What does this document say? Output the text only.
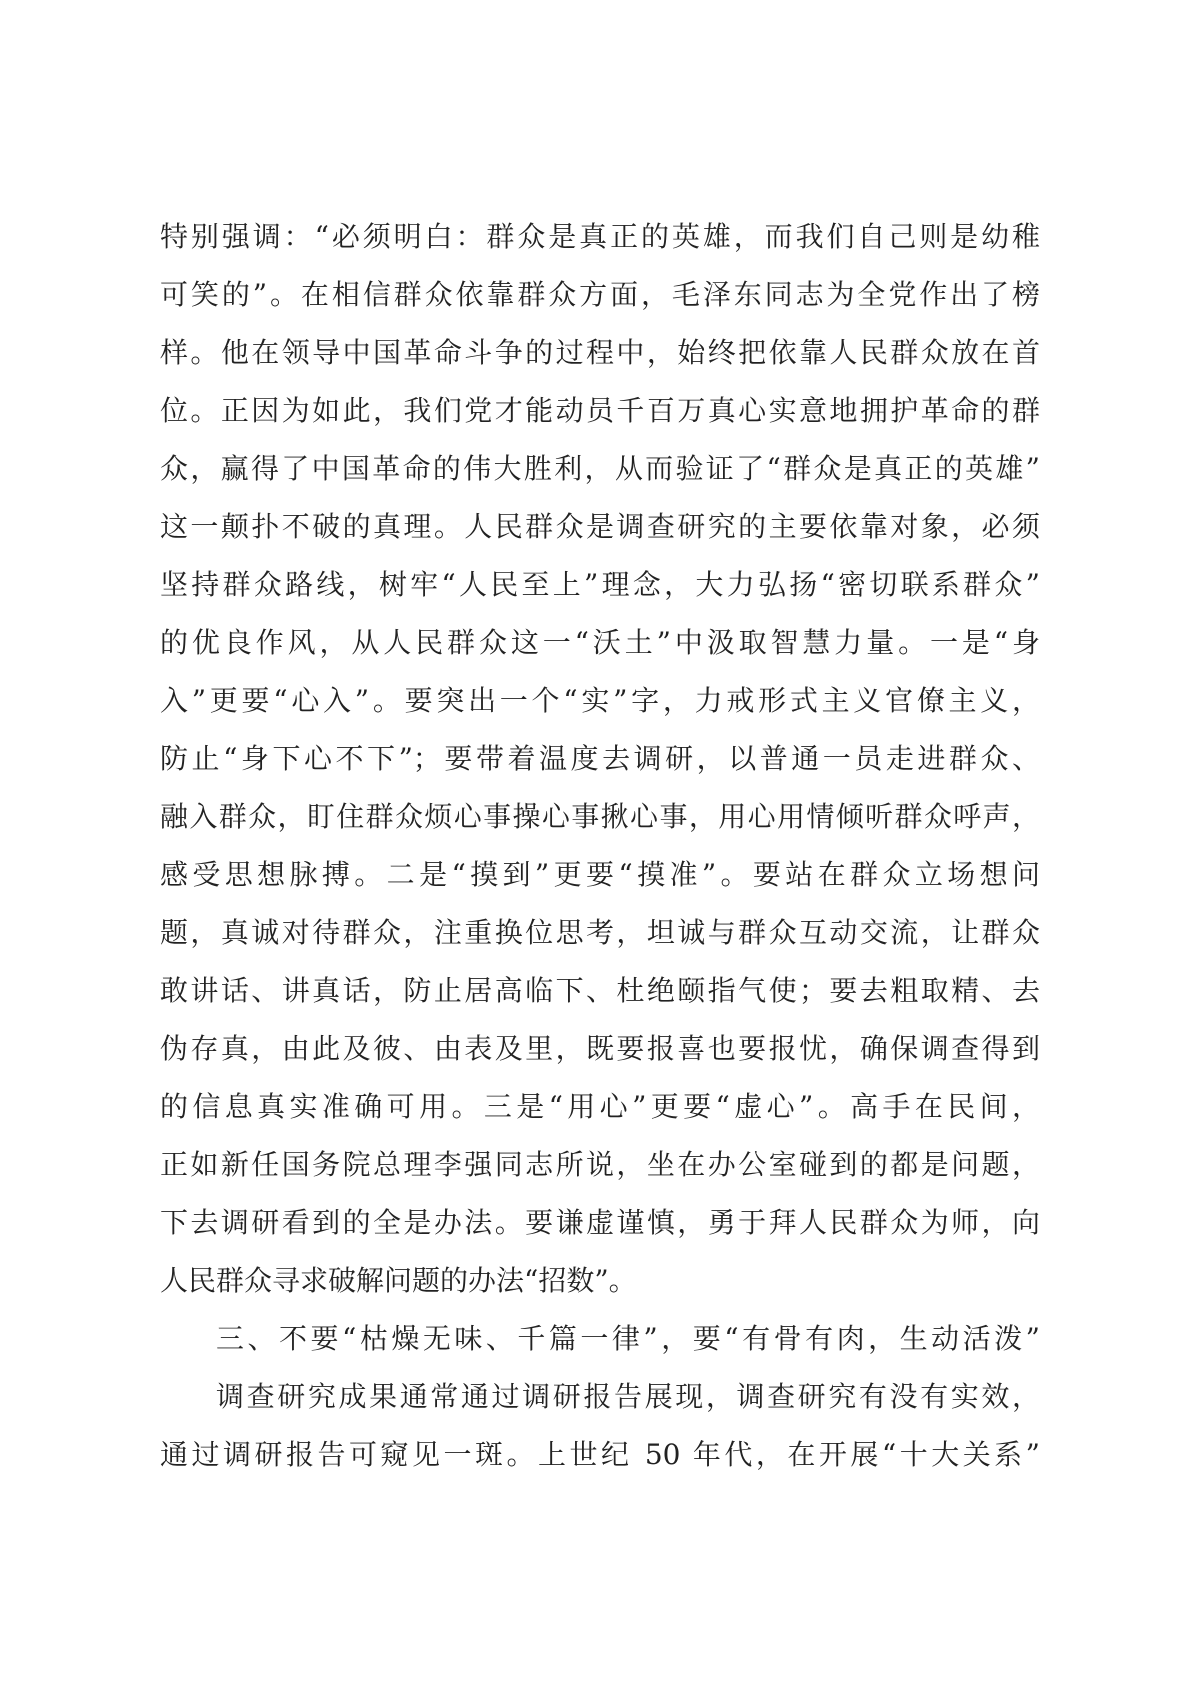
特别强调：“必须明白：群众是真正的英雄，而我们自己则是幼稚
可笑的”。在相信群众依靠群众方面，毛泽东同志为全党作出了榜
样。他在领导中国革命斗争的过程中，始终把依靠人民群众放在首
位。正因为如此，我们党才能动员千百万真心实意地拥护革命的群
众，赢得了中国革命的伟大胜利，从而验证了“群众是真正的英雄”
这一颠扑不破的真理。人民群众是调查研究的主要依靠对象，必须
坚持群众路线，树牢“人民至上”理念，大力弘扬“密切联系群众”
的优良作风，从人民群众这一“沃土”中汲取智慧力量。一是“身
入”更要“心入”。要突出一个“实”字，力戒形式主义官僚主义，
防止“身下心不下”；要带着温度去调研，以普通一员走进群众、
融入群众，盯住群众烦心事操心事揪心事，用心用情倾听群众呼声，
感受思想脉搏。二是“摸到”更要“摸准”。要站在群众立场想问
题，真诚对待群众，注重换位思考，坦诚与群众互动交流，让群众
敢讲话、讲真话，防止居高临下、杜绝颐指气使；要去粗取精、去
伪存真，由此及彼、由表及里，既要报喜也要报忧，确保调查得到
的信息真实准确可用。三是“用心”更要“虚心”。高手在民间，
正如新任国务院总理李强同志所说，坐在办公室碰到的都是问题，
下去调研看到的全是办法。要谦虚谨慎，勇于拜人民群众为师，向
人民群众寻求破解问题的办法“招数”。
三、不要“枯燥无味、千篇一律”，要“有骨有肉，生动活泼”
调查研究成果通常通过调研报告展现，调查研究有没有实效，
通过调研报告可窥见一斑。上世纪 50 年代，在开展“十大关系”
